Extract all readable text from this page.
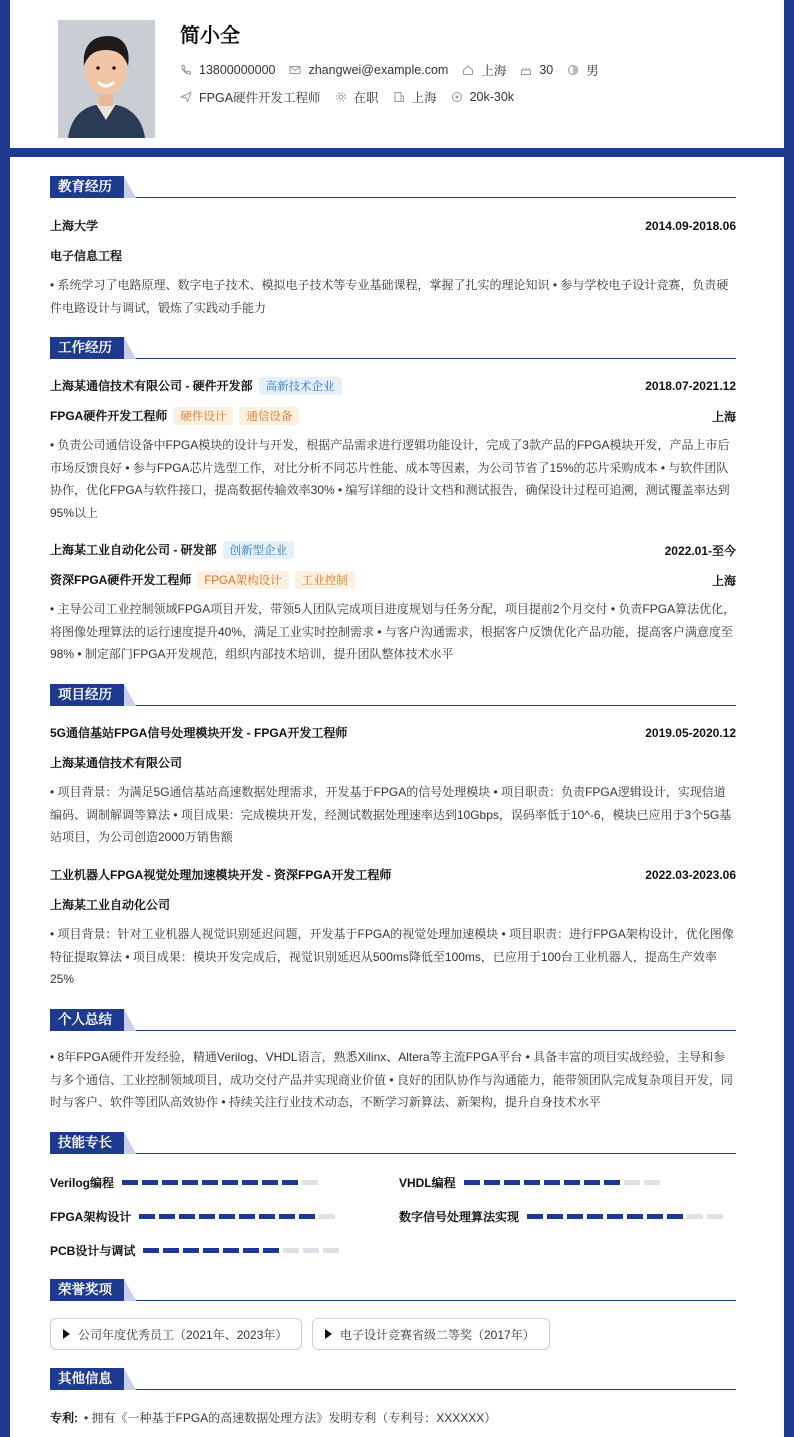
简小全
13800000000	zhangwei@example.com	上海	30	男
FPGA硬件开发工程师	在职	上海	20k-30k
教育经历
上海大学	2014.09-2018.06
电子信息工程
• 系统学习了电路原理、数字电子技术、模拟电子技术等专业基础课程，掌握了扎实的理论知识 • 参与学校电子设计竞赛，负责硬件电路设计与调试，锻炼了实践动手能力
工作经历
上海某通信技术有限公司 - 硬件开发部 高新技术企业	2018.07-2021.12
FPGA硬件开发工程师 硬件设计 通信设备	上海
• 负责公司通信设备中FPGA模块的设计与开发，根据产品需求进行逻辑功能设计，完成了3款产品的FPGA模块开发，产品上市后市场反馈良好 • 参与FPGA芯片选型工作，对比分析不同芯片性能、成本等因素，为公司节省了15%的芯片采购成本 • 与软件团队协作，优化FPGA与软件接口，提高数据传输效率30% • 编写详细的设计文档和测试报告，确保设计过程可追溯，测试覆盖率达到95%以上
上海某工业自动化公司 - 研发部 创新型企业	2022.01-至今
资深FPGA硬件开发工程师 FPGA架构设计 工业控制	上海
• 主导公司工业控制领域FPGA项目开发，带领5人团队完成项目进度规划与任务分配，项目提前2个月交付 • 负责FPGA算法优化，将图像处理算法的运行速度提升40%，满足工业实时控制需求 • 与客户沟通需求，根据客户反馈优化产品功能，提高客户满意度至98% • 制定部门FPGA开发规范，组织内部技术培训，提升团队整体技术水平
项目经历
5G通信基站FPGA信号处理模块开发 - FPGA开发工程师	2019.05-2020.12
上海某通信技术有限公司
• 项目背景：为满足5G通信基站高速数据处理需求，开发基于FPGA的信号处理模块 • 项目职责：负责FPGA逻辑设计，实现信道编码、调制解调等算法 • 项目成果：完成模块开发，经测试数据处理速率达到10Gbps，误码率低于10^-6，模块已应用于3个5G基站项目，为公司创造2000万销售额
工业机器人FPGA视觉处理加速模块开发 - 资深FPGA开发工程师	2022.03-2023.06
上海某工业自动化公司
• 项目背景：针对工业机器人视觉识别延迟问题，开发基于FPGA的视觉处理加速模块 • 项目职责：进行FPGA架构设计，优化图像特征提取算法 • 项目成果：模块开发完成后，视觉识别延迟从500ms降低至100ms，已应用于100台工业机器人，提高生产效率25%
个人总结
• 8年FPGA硬件开发经验，精通Verilog、VHDL语言，熟悉Xilinx、Altera等主流FPGA平台 • 具备丰富的项目实战经验，主导和参与多个通信、工业控制领域项目，成功交付产品并实现商业价值 • 良好的团队协作与沟通能力，能带领团队完成复杂项目开发，同时与客户、软件等团队高效协作 • 持续关注行业技术动态，不断学习新算法、新架构，提升自身技术水平
技能专长
Verilog编程	VHDL编程
FPGA架构设计	数字信号处理算法实现
PCB设计与调试
荣誉奖项
公司年度优秀员工（2021年、2023年）	电子设计竞赛省级二等奖（2017年）
其他信息
专利: • 拥有《一种基于FPGA的高速数据处理方法》发明专利（专利号：XXXXXX）
